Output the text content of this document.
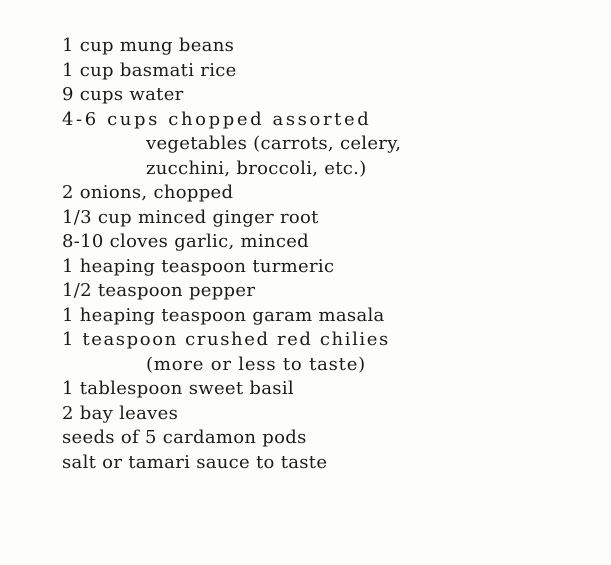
1 cup mung beans
1 cup basmati rice
9 cups water
4-6 cups chopped assorted
vegetables (carrots, celery,
zucchini, broccoli, etc.)
2 onions, chopped
1/3 cup minced ginger root
8-10 cloves garlic, minced
1 heaping teaspoon turmeric
1/2 teaspoon pepper
1 heaping teaspoon garam masala
1 teaspoon crushed red chilies
(more or less to taste)
1 tablespoon sweet basil
2 bay leaves
seeds of 5 cardamon pods
salt or tamari sauce to taste
